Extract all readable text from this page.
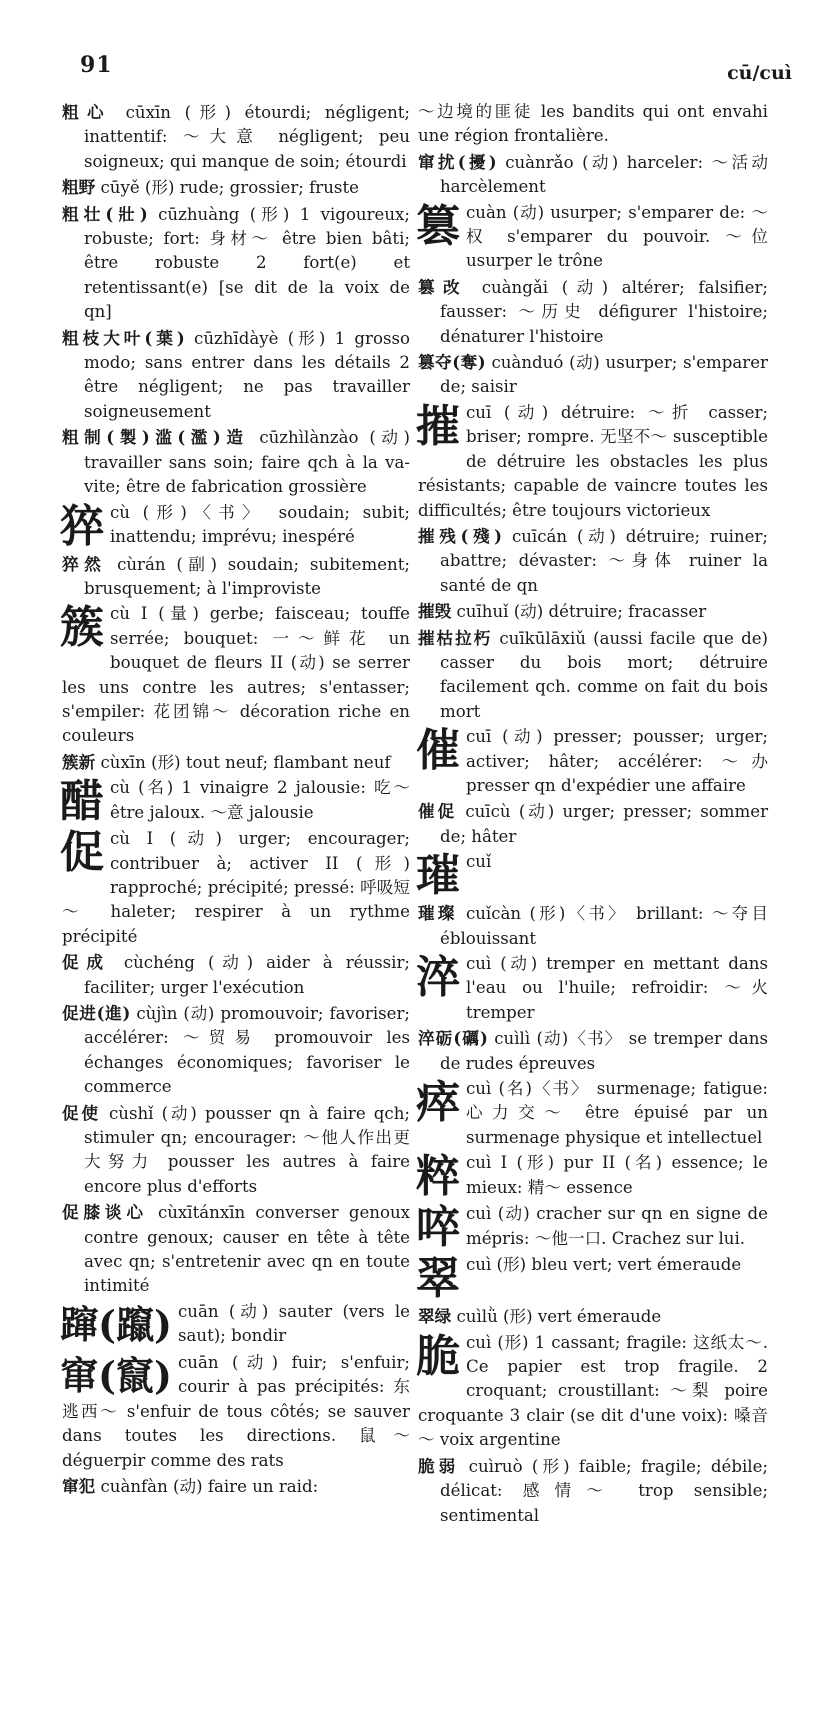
91	cū/cuì
粗心 cūxīn (形) étourdi; négligent; inattentif: ～大意 négligent; peu soigneux; qui manque de soin; étourdi
粗野 cūyě (形) rude; grossier; fruste
粗壮(壯) cūzhuàng (形) 1 vigoureux; robuste; fort: 身材～ être bien bâti; être robuste 2 fort(e) et retentissant(e) [se dit de la voix de qn]
粗枝大叶(葉) cūzhīdàyè (形) 1 grosso modo; sans entrer dans les détails 2 être négligent; ne pas travailler soigneusement
粗制(製)滥(濫)造 cūzhìlànzào (动) travailler sans soin; faire qch à la va-vite; être de fabrication grossière
猝cù (形)〈书〉 soudain; subit; inattendu; imprévu; inespéré
猝然 cùrán (副) soudain; subitement; brusquement; à l'improviste
簇cù I (量) gerbe; faisceau; touffe serrée; bouquet: 一～鲜花 un bouquet de fleurs II (动) se serrer les uns contre les autres; s'entasser; s'empiler: 花团锦～ décoration riche en couleurs
簇新 cùxīn (形) tout neuf; flambant neuf
醋cù (名) 1 vinaigre 2 jalousie: 吃～ être jaloux. ～意 jalousie
促cù I (动) urger; encourager; contribuer à; activer II (形) rapproché; précipité; pressé: 呼吸短～ haleter; respirer à un rythme précipité
促成 cùchéng (动) aider à réussir; faciliter; urger l'exécution
促进(進) cùjìn (动) promouvoir; favoriser; accélérer: ～贸易 promouvoir les échanges économiques; favoriser le commerce
促使 cùshǐ (动) pousser qn à faire qch; stimuler qn; encourager: ～他人作出更大努力 pousser les autres à faire encore plus d'efforts
促膝谈心 cùxītánxīn converser genoux contre genoux; causer en tête à tête avec qn; s'entretenir avec qn en toute intimité
蹿(躥) cuān (动) sauter (vers le saut); bondir
窜(竄) cuān (动) fuir; s'enfuir; courir à pas précipités: 东逃西～ s'enfuir de tous côtés; se sauver dans toutes les directions. 鼠～ déguerpir comme des rats
窜犯 cuànfàn (动) faire un raid:
～边境的匪徒 les bandits qui ont envahi une région frontalière.
窜扰(擾) cuànrǎo (动) harceler: ～活动 harcèlement
篡cuàn (动) usurper; s'emparer de: ～权 s'emparer du pouvoir. ～位 usurper le trône
篡改 cuàngǎi (动) altérer; falsifier; fausser: ～历史 défigurer l'histoire; dénaturer l'histoire
篡夺(奪) cuànduó (动) usurper; s'emparer de; saisir
摧cuī (动) détruire: ～折 casser; briser; rompre. 无坚不～ susceptible de détruire les obstacles les plus résistants; capable de vaincre toutes les difficultés; être toujours victorieux
摧残(殘) cuīcán (动) détruire; ruiner; abattre; dévaster: ～身体 ruiner la santé de qn
摧毁 cuīhuǐ (动) détruire; fracasser
摧枯拉朽 cuīkūlāxiǔ (aussi facile que de) casser du bois mort; détruire facilement qch. comme on fait du bois mort
催cuī (动) presser; pousser; urger; activer; hâter; accélérer: ～办 presser qn d'expédier une affaire
催促 cuīcù (动) urger; presser; sommer de; hâter
璀cuǐ
璀璨 cuǐcàn (形)〈书〉 brillant: ～夺目 éblouissant
淬cuì (动) tremper en mettant dans l'eau ou l'huile; refroidir: ～火 tremper
淬砺(礪) cuìlì (动)〈书〉 se tremper dans de rudes épreuves
瘁cuì (名)〈书〉 surmenage; fatigue: 心力交～ être épuisé par un surmenage physique et intellectuel
粹cuì I (形) pur II (名) essence; le mieux: 精～ essence
啐cuì (动) cracher sur qn en signe de mépris: ～他一口. Crachez sur lui.
翠cuì (形) bleu vert; vert émeraude
翠绿 cuìlǜ (形) vert émeraude
脆cuì (形) 1 cassant; fragile: 这纸太～. Ce papier est trop fragile. 2 croquant; croustillant: ～梨 poire croquante 3 clair (se dit d'une voix): 嗓音～ voix argentine
脆弱 cuìruò (形) faible; fragile; débile; délicat: 感情～ trop sensible; sentimental
